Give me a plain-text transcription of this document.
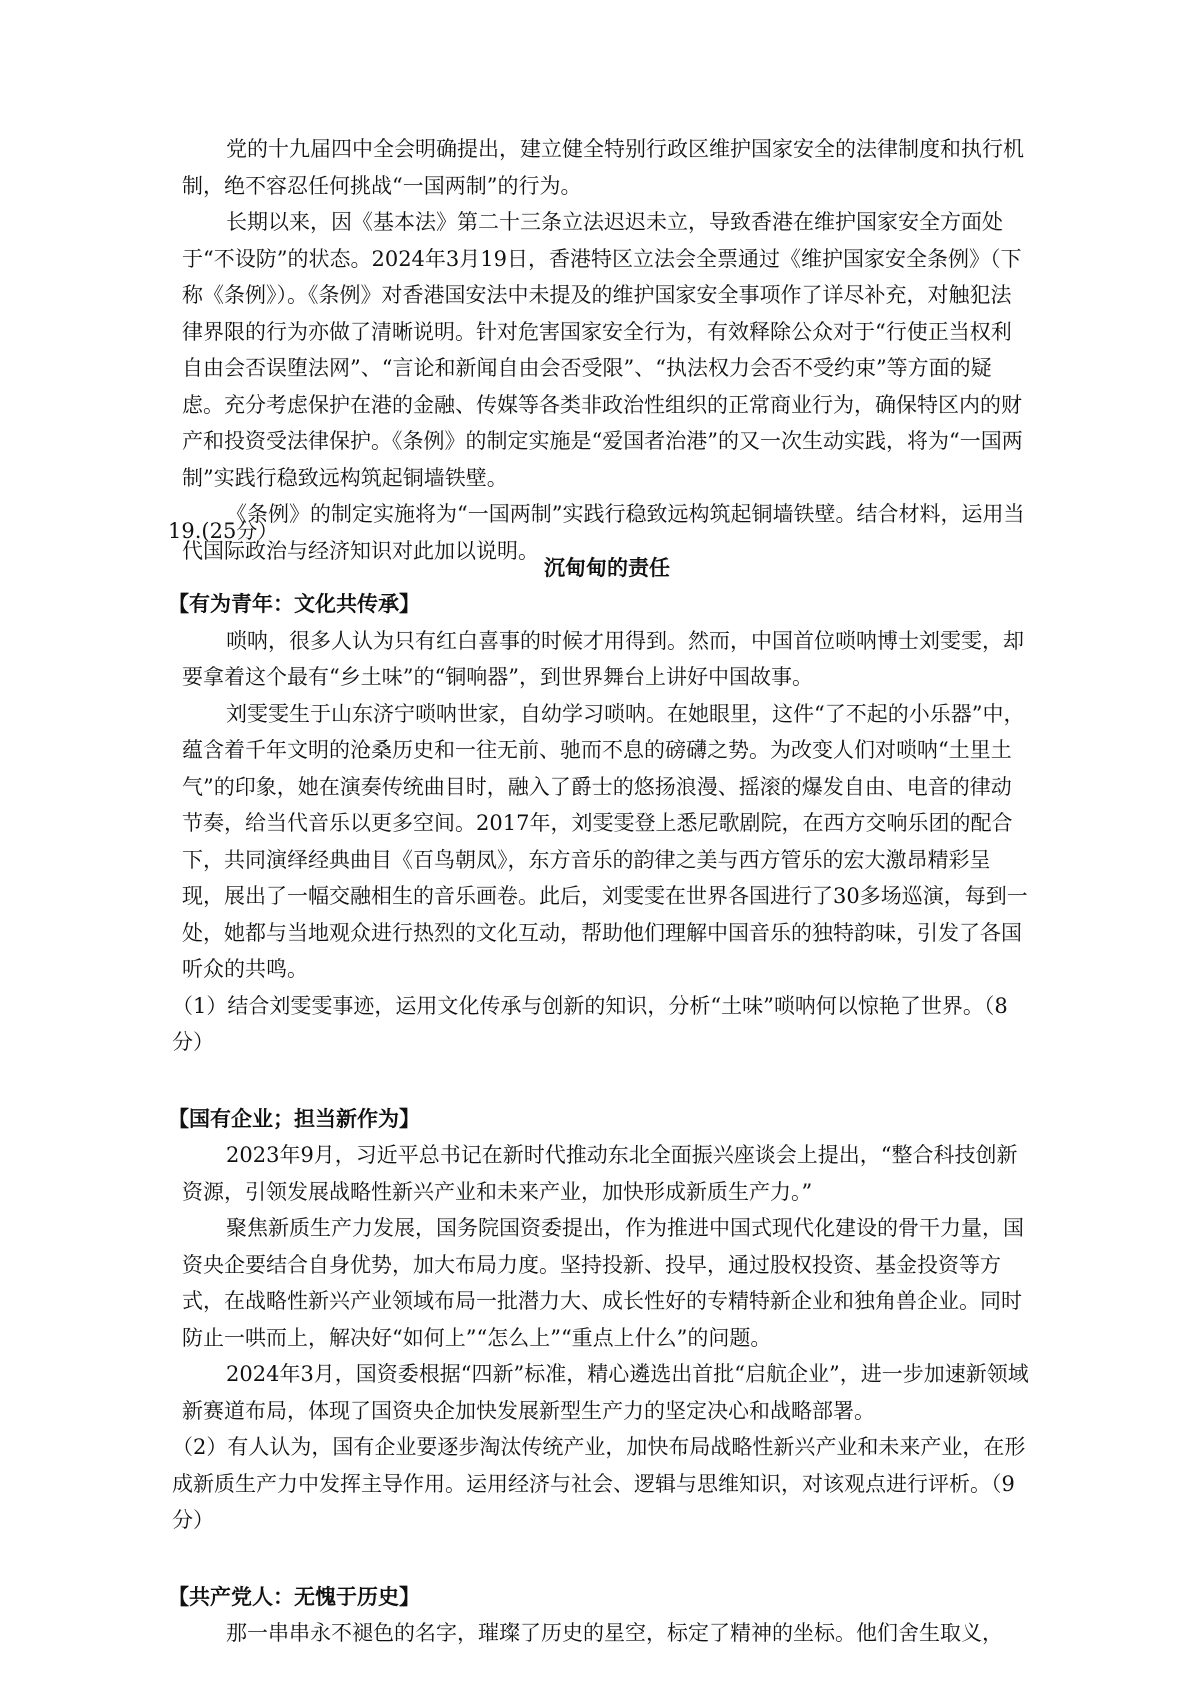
党的十九届四中全会明确提出，建立健全特别行政区维护国家安全的法律制度和执行机制，绝不容忍任何挑战“一国两制”的行为。

长期以来，因《基本法》第二十三条立法迟迟未立，导致香港在维护国家安全方面处于“不设防”的状态。2024年3月19日，香港特区立法会全票通过《维护国家安全条例》（下称《条例》）。《条例》对香港国安法中未提及的维护国家安全事项作了详尽补充，对触犯法律界限的行为亦做了清晰说明。针对危害国家安全行为，有效释除公众对于“行使正当权利自由会否误堕法网”、“言论和新闻自由会否受限”、“执法权力会否不受约束”等方面的疑虑。充分考虑保护在港的金融、传媒等各类非政治性组织的正常商业行为，确保特区内的财产和投资受法律保护。《条例》的制定实施是“爱国者治港”的又一次生动实践，将为“一国两制”实践行稳致远构筑起铜墙铁壁。

《条例》的制定实施将为“一国两制”实践行稳致远构筑起铜墙铁壁。结合材料，运用当代国际政治与经济知识对此加以说明。

19.(25分）

沉甸甸的责任

【有为青年：文化共传承】

唢呐，很多人认为只有红白喜事的时候才用得到。然而，中国首位唢呐博士刘雯雯，却要拿着这个最有“乡土味”的“铜响器”，到世界舞台上讲好中国故事。

刘雯雯生于山东济宁唢呐世家，自幼学习唢呐。在她眼里，这件“了不起的小乐器”中，蕴含着千年文明的沧桑历史和一往无前、驰而不息的磅礴之势。为改变人们对唢呐“土里土气”的印象，她在演奏传统曲目时，融入了爵士的悠扬浪漫、摇滚的爆发自由、电音的律动节奏，给当代音乐以更多空间。2017年，刘雯雯登上悉尼歌剧院，在西方交响乐团的配合下，共同演绎经典曲目《百鸟朝凤》，东方音乐的韵律之美与西方管乐的宏大激昂精彩呈现，展出了一幅交融相生的音乐画卷。此后，刘雯雯在世界各国进行了30多场巡演，每到一处，她都与当地观众进行热烈的文化互动，帮助他们理解中国音乐的独特韵味，引发了各国听众的共鸣。

（1）结合刘雯雯事迹，运用文化传承与创新的知识，分析“土味”唢呐何以惊艳了世界。（8分）

【国有企业；担当新作为】

2023年9月，习近平总书记在新时代推动东北全面振兴座谈会上提出，“整合科技创新资源，引领发展战略性新兴产业和未来产业，加快形成新质生产力。”

聚焦新质生产力发展，国务院国资委提出，作为推进中国式现代化建设的骨干力量，国资央企要结合自身优势，加大布局力度。坚持投新、投早，通过股权投资、基金投资等方式，在战略性新兴产业领域布局一批潜力大、成长性好的专精特新企业和独角兽企业。同时防止一哄而上，解决好“如何上”“怎么上”“重点上什么”的问题。

2024年3月，国资委根据“四新”标准，精心遴选出首批“启航企业”，进一步加速新领域新赛道布局，体现了国资央企加快发展新型生产力的坚定决心和战略部署。

（2）有人认为，国有企业要逐步淘汰传统产业，加快布局战略性新兴产业和未来产业，在形成新质生产力中发挥主导作用。运用经济与社会、逻辑与思维知识，对该观点进行评析。（9分）

【共产党人：无愧于历史】

那一串串永不褪色的名字，璀璨了历史的星空，标定了精神的坐标。他们舍生取义，
